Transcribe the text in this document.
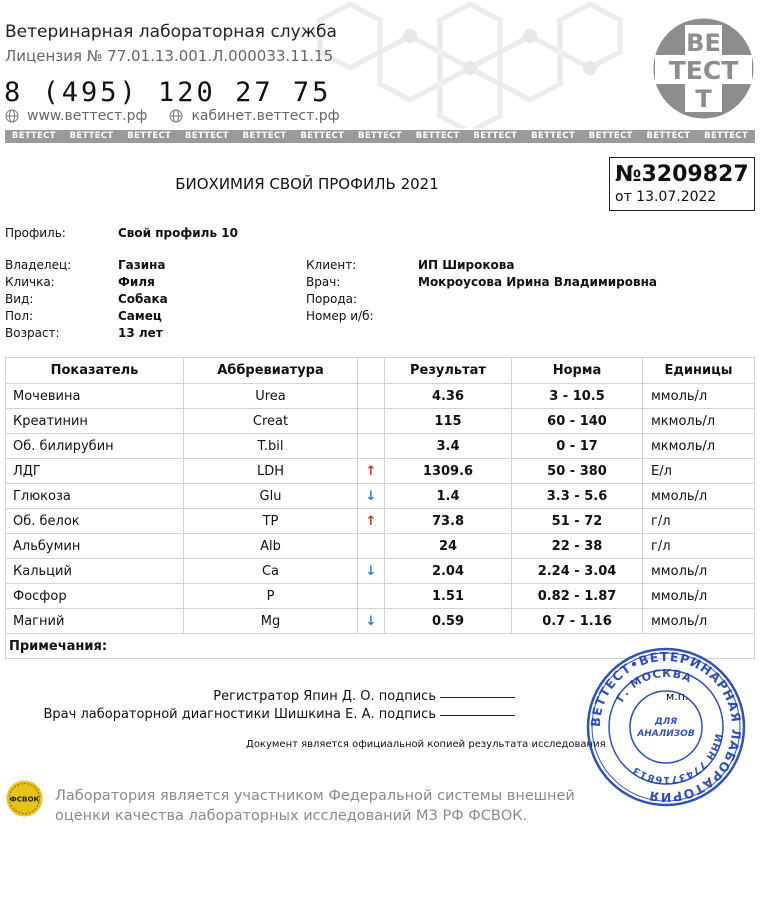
Ветеринарная лабораторная служба
Лицензия № 77.01.13.001.Л.000033.11.15
8 (495) 120 27 75
www.веттест.рф	кабинет.веттест.рф
ВЕ
ТЕСТ
Т
ВЕТТЕСТ	ВЕТТЕСТ	ВЕТТЕСТ	ВЕТТЕСТ	ВЕТТЕСТ	ВЕТТЕСТ	ВЕТТЕСТ	ВЕТТЕСТ	ВЕТТЕСТ	ВЕТТЕСТ	ВЕТТЕСТ	ВЕТТЕСТ	ВЕТТЕСТ
БИОХИМИЯ СВОЙ ПРОФИЛЬ 2021	№3209827
от 13.07.2022
Профиль:	Свой профиль 10
Владелец:	Газина
Кличка:	Филя
Вид:	Собака
Пол:	Самец
Возраст:	13 лет
Клиент:	ИП Широкова
Врач:	Мокроусова Ирина Владимировна
Порода:
Номер и/б:
Показатель	Аббревиатура		Результат	Норма	Единицы
Мочевина	Urea		4.36	3 - 10.5	ммоль/л
Креатинин	Creat		115	60 - 140	мкмоль/л
Об. билирубин	T.bil		3.4	0 - 17	мкмоль/л
ЛДГ	LDH	↑	1309.6	50 - 380	Е/л
Глюкоза	Glu	↓	1.4	3.3 - 5.6	ммоль/л
Об. белок	TP	↑	73.8	51 - 72	г/л
Альбумин	Alb		24	22 - 38	г/л
Кальций	Ca	↓	2.04	2.24 - 3.04	ммоль/л
Фосфор	P		1.51	0.82 - 1.87	ммоль/л
Магний	Mg	↓	0.59	0.7 - 1.16	ммоль/л
Примечания:					
Регистратор Япин Д. О. подпись
Врач лабораторной диагностики Шишкина Е. А. подпись
м.п.
Документ является официальной копией результата исследования
ВЕТТЕСТ•ВЕТЕРИНАРНАЯ ЛАБОРАТОРИЯ
Г. МОСКВА
ИНН 7743716813
ДЛЯ
АНАЛИЗОВ
ФСВОК Лаборатория является участником Федеральной системы внешней
оценки качества лабораторных исследований МЗ РФ ФСВОК.
